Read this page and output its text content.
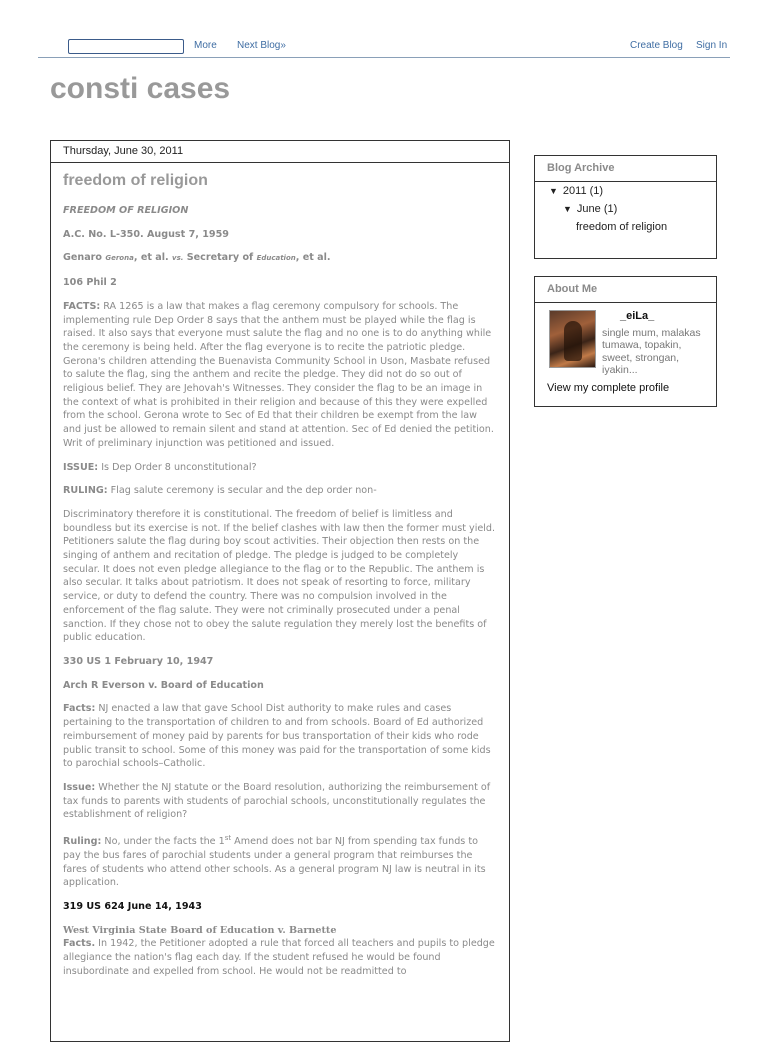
More Next Blog»	Create Blog Sign In
consti cases
Thursday, June 30, 2011
freedom of religion

FREEDOM OF RELIGION

A.C. No. L-350. August 7, 1959

Genaro Gerona, et al. vs. Secretary of Education, et al.

106 Phil 2

FACTS: RA 1265 is a law that makes a flag ceremony compulsory for schools. The implementing rule Dep Order 8 says that the anthem must be played while the flag is raised. It also says that everyone must salute the flag and no one is to do anything while the ceremony is being held. After the flag everyone is to recite the patriotic pledge. Gerona's children attending the Buenavista Community School in Uson, Masbate refused to salute the flag, sing the anthem and recite the pledge. They did not do so out of religious belief. They are Jehovah's Witnesses. They consider the flag to be an image in the context of what is prohibited in their religion and because of this they were expelled from the school. Gerona wrote to Sec of Ed that their children be exempt from the law and just be allowed to remain silent and stand at attention. Sec of Ed denied the petition. Writ of preliminary injunction was petitioned and issued.

ISSUE: Is Dep Order 8 unconstitutional?

RULING: Flag salute ceremony is secular and the dep order non-

Discriminatory therefore it is constitutional. The freedom of belief is limitless and boundless but its exercise is not. If the belief clashes with law then the former must yield. Petitioners salute the flag during boy scout activities. Their objection then rests on the singing of anthem and recitation of pledge. The pledge is judged to be completely secular. It does not even pledge allegiance to the flag or to the Republic. The anthem is also secular. It talks about patriotism. It does not speak of resorting to force, military service, or duty to defend the country. There was no compulsion involved in the enforcement of the flag salute. They were not criminally prosecuted under a penal sanction. If they chose not to obey the salute regulation they merely lost the benefits of public education.

330 US 1 February 10, 1947

Arch R Everson v. Board of Education

Facts: NJ enacted a law that gave School Dist authority to make rules and cases pertaining to the transportation of children to and from schools. Board of Ed authorized reimbursement of money paid by parents for bus transportation of their kids who rode public transit to school. Some of this money was paid for the transportation of some kids to parochial schools–Catholic.

Issue: Whether the NJ statute or the Board resolution, authorizing the reimbursement of tax funds to parents with students of parochial schools, unconstitutionally regulates the establishment of religion?

Ruling: No, under the facts the 1st Amend does not bar NJ from spending tax funds to pay the bus fares of parochial students under a general program that reimburses the fares of students who attend other schools. As a general program NJ law is neutral in its application.

319 US 624 June 14, 1943

West Virginia State Board of Education v. Barnette

Facts. In 1942, the Petitioner adopted a rule that forced all teachers and pupils to pledge allegiance the nation's flag each day. If the student refused he would be found insubordinate and expelled from school. He would not be readmitted to

Blog Archive
▼ 2011 (1)
▼ June (1)
freedom of religion
About Me
_eiLa_
single mum, malakas tumawa, topakin, sweet, strongan, iyakin...
View my complete profile
